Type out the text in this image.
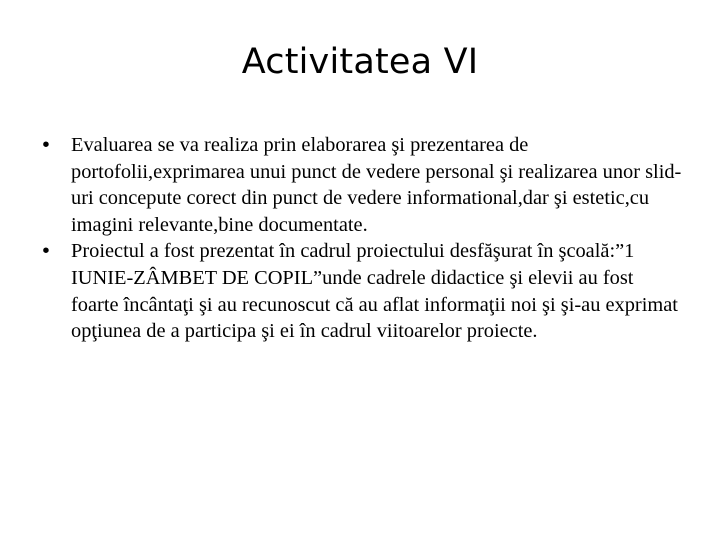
Activitatea VI
•	Evaluarea se va realiza prin elaborarea şi prezentarea de portofolii,exprimarea unui punct de vedere personal şi realizarea unor slid-uri concepute corect din punct de vedere informational,dar şi estetic,cu imagini relevante,bine documentate.
•	Proiectul a fost prezentat în cadrul proiectului desfăşurat în şcoală:”1 IUNIE-ZÂMBET DE COPIL”unde cadrele didactice şi elevii au fost foarte încântaţi şi au recunoscut că au aflat informaţii noi şi şi-au exprimat opţiunea de a participa şi ei în cadrul viitoarelor proiecte.
